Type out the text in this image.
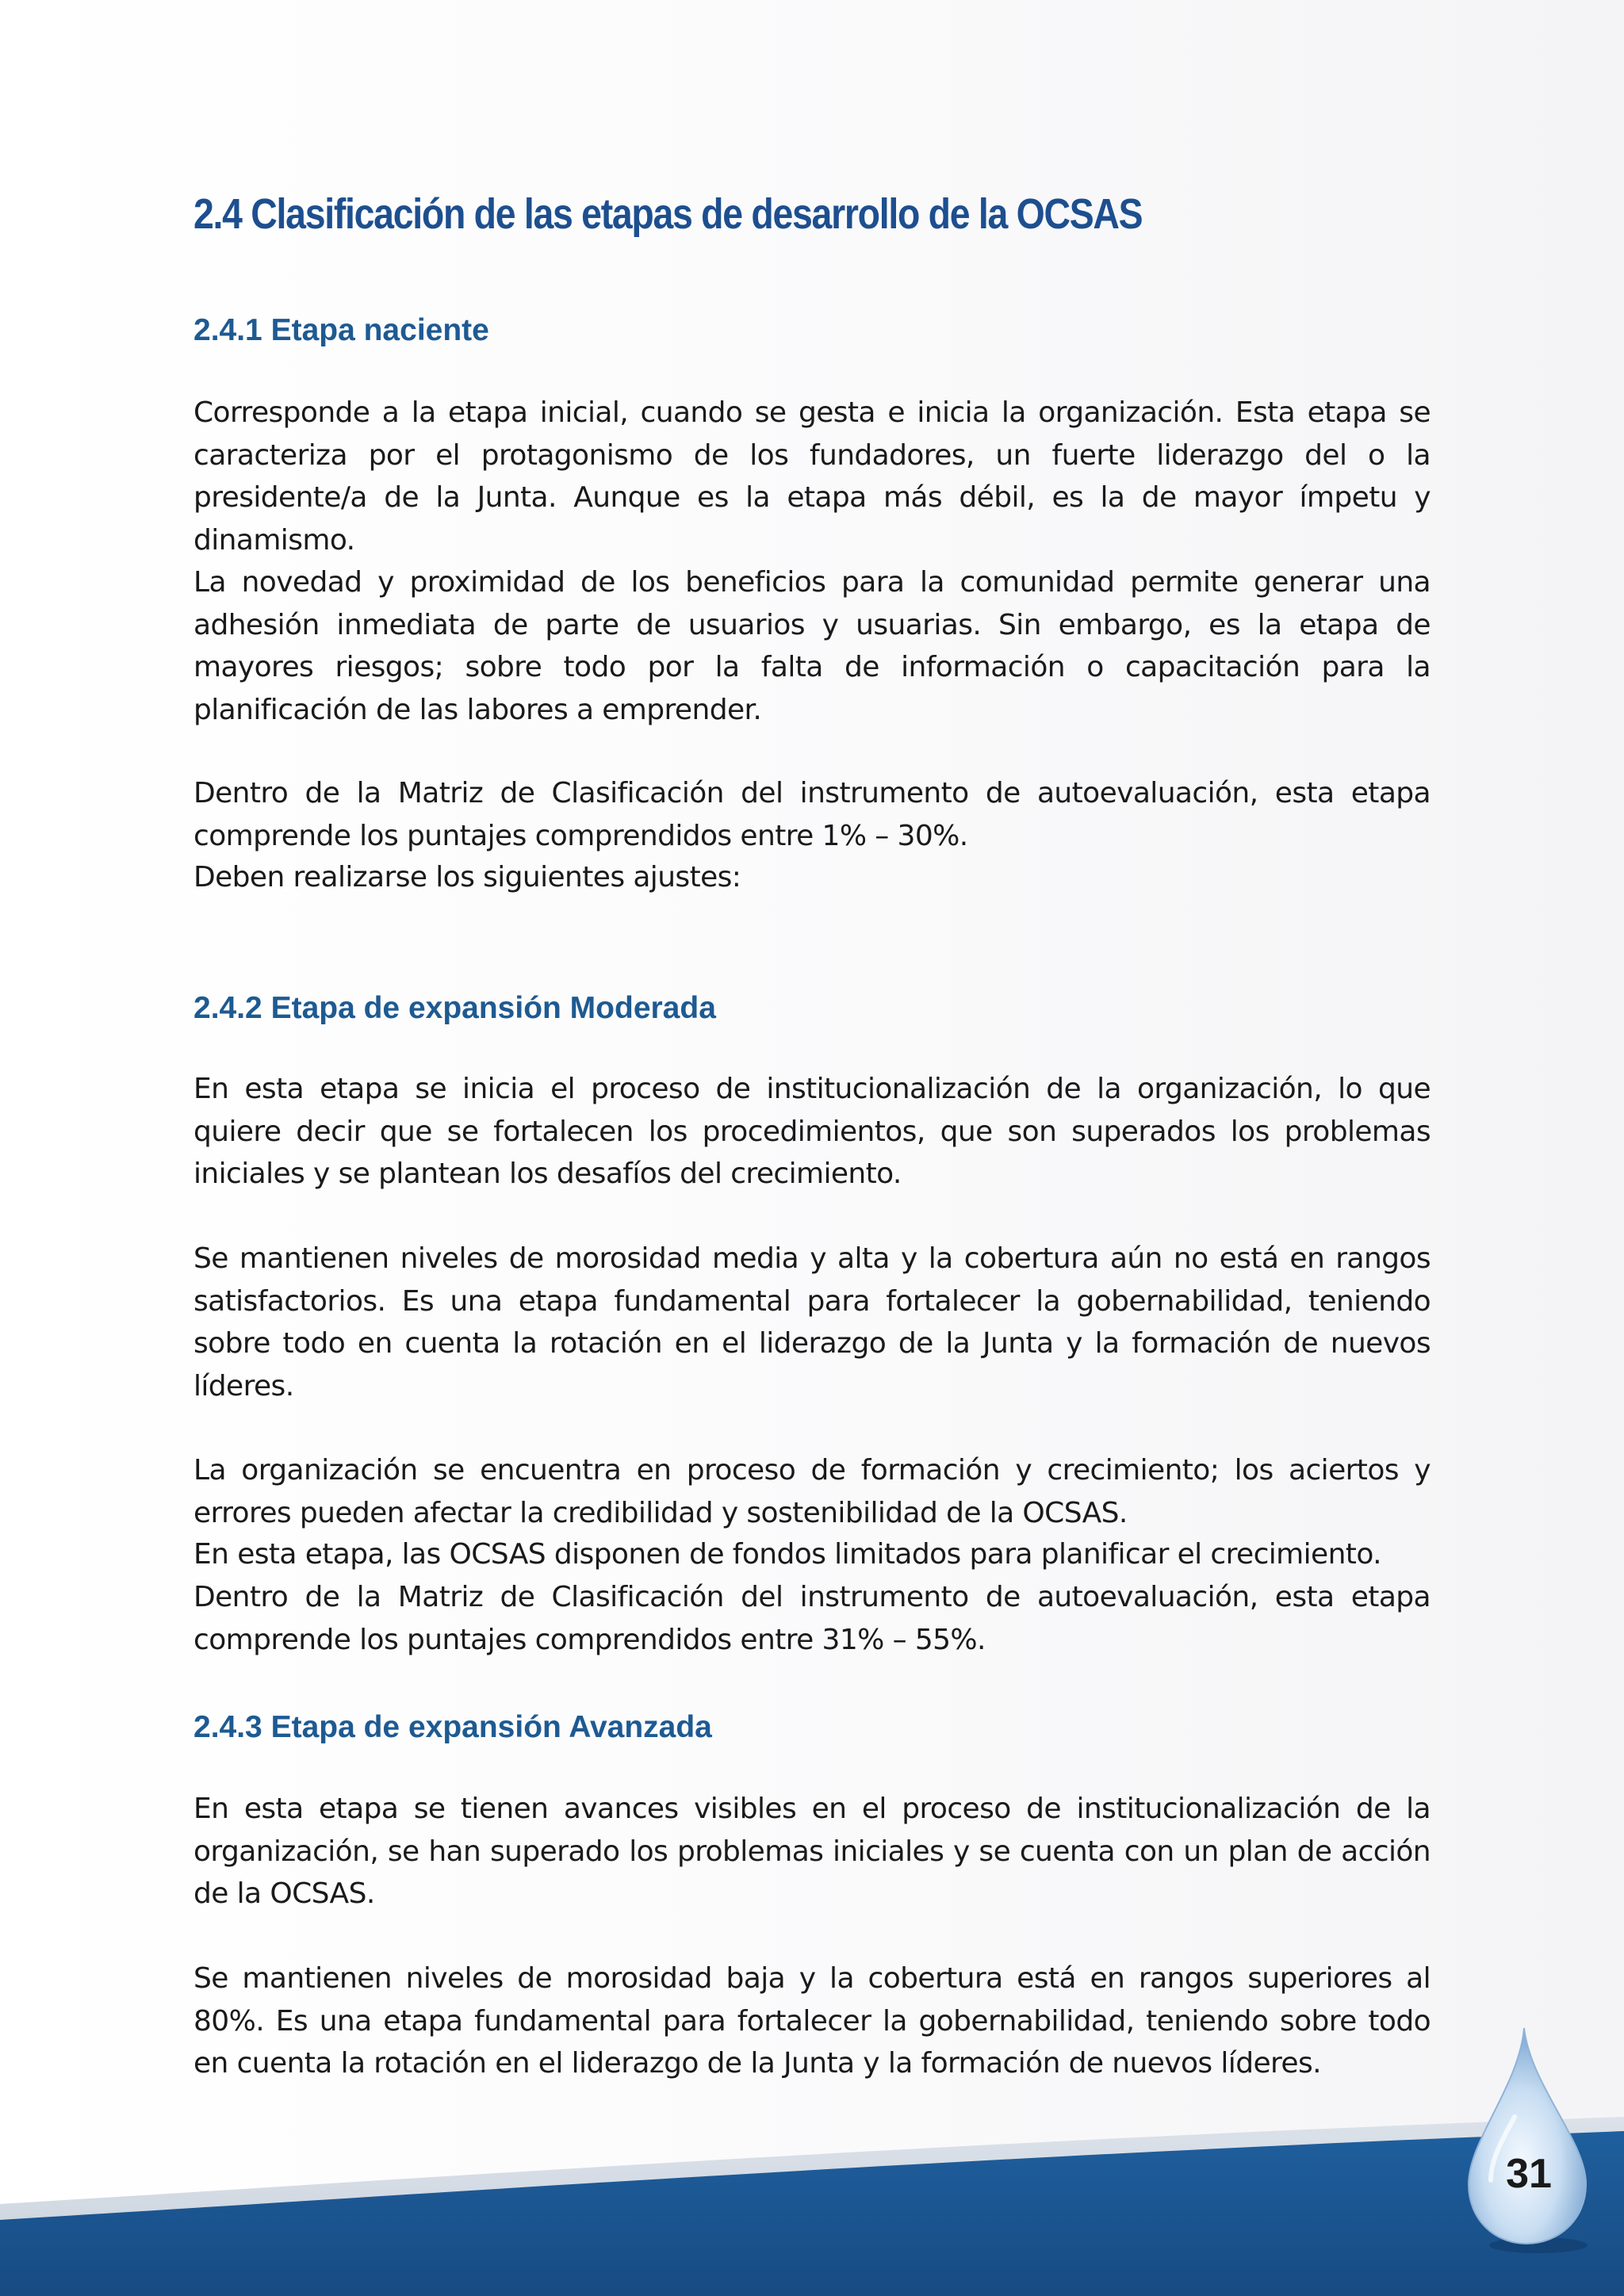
2.4 Clasificación de las etapas de desarrollo de la OCSAS
2.4.1 Etapa naciente

Corresponde a la etapa inicial, cuando se gesta e inicia la organización. Esta etapa se caracteriza por el protagonismo de los fundadores, un fuerte liderazgo del o la presidente/a de la Junta. Aunque es la etapa más débil, es la de mayor ímpetu y dinamismo.

La novedad y proximidad de los beneficios para la comunidad permite generar una adhesión inmediata de parte de usuarios y usuarias. Sin embargo, es la etapa de mayores riesgos; sobre todo por la falta de información o capacitación para la planificación de las labores a emprender.

Dentro de la Matriz de Clasificación del instrumento de autoevaluación, esta etapa comprende los puntajes comprendidos entre 1% – 30%.

Deben realizarse los siguientes ajustes:

2.4.2 Etapa de expansión Moderada

En esta etapa se inicia el proceso de institucionalización de la organización, lo que quiere decir que se fortalecen los procedimientos, que son superados los problemas iniciales y se plantean los desafíos del crecimiento.

Se mantienen niveles de morosidad media y alta y la cobertura aún no está en rangos satisfactorios. Es una etapa fundamental para fortalecer la gobernabilidad, teniendo sobre todo en cuenta la rotación en el liderazgo de la Junta y la formación de nuevos líderes.

La organización se encuentra en proceso de formación y crecimiento; los aciertos y errores pueden afectar la credibilidad y sostenibilidad de la OCSAS.

En esta etapa, las OCSAS disponen de fondos limitados para planificar el crecimiento.

Dentro de la Matriz de Clasificación del instrumento de autoevaluación, esta etapa comprende los puntajes comprendidos entre 31% – 55%.

2.4.3 Etapa de expansión Avanzada

En esta etapa se tienen avances visibles en el proceso de institucionalización de la organización, se han superado los problemas iniciales y se cuenta con un plan de acción de la OCSAS.

Se mantienen niveles de morosidad baja y la cobertura está en rangos superiores al 80%. Es una etapa fundamental para fortalecer la gobernabilidad, teniendo sobre todo en cuenta la rotación en el liderazgo de la Junta y la formación de nuevos líderes.

31
